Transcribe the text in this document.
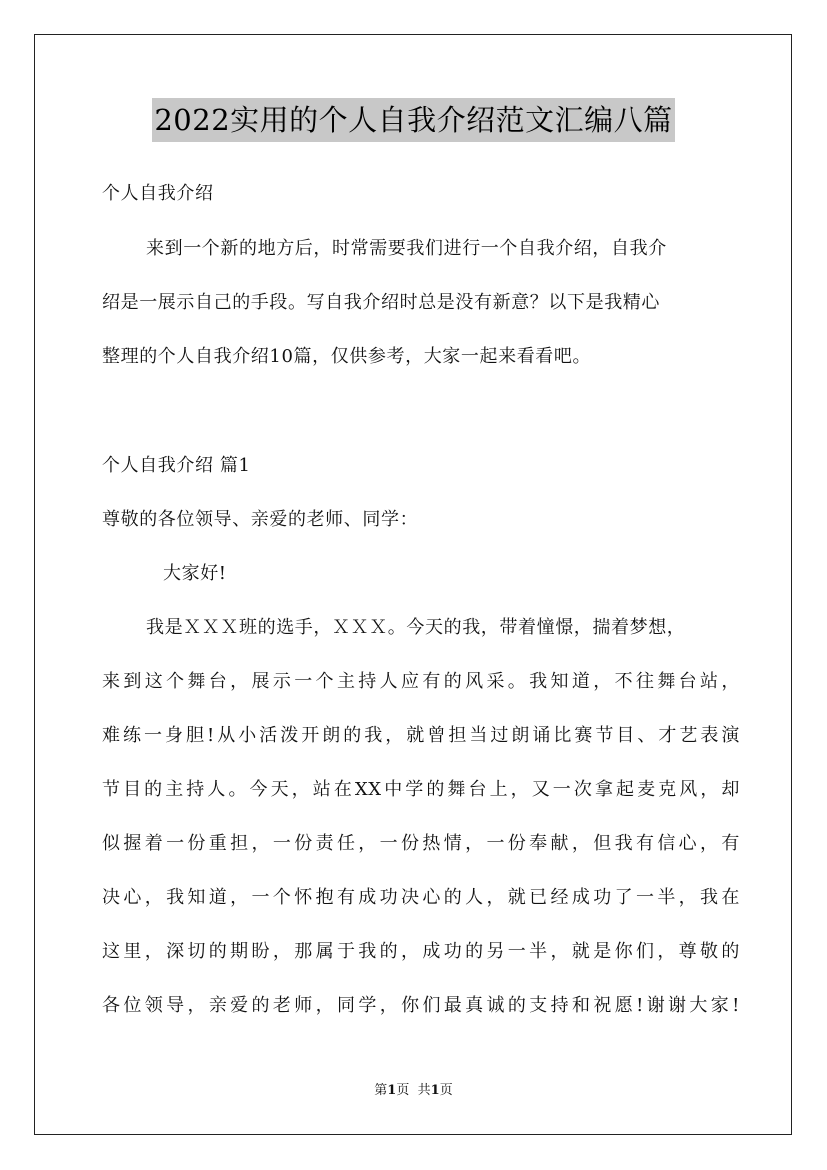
2022实用的个人自我介绍范文汇编八篇
个人自我介绍
来到一个新的地方后，时常需要我们进行一个自我介绍，自我介
绍是一展示自己的手段。写自我介绍时总是没有新意？以下是我精心
整理的个人自我介绍10篇，仅供参考，大家一起来看看吧。
个人自我介绍 篇1
尊敬的各位领导、亲爱的老师、同学：
大家好!
我是ＸＸＸ班的选手，ＸＸＸ。今天的我，带着憧憬，揣着梦想，
来到这个舞台，展示一个主持人应有的风采。我知道，不往舞台站，
难练一身胆!从小活泼开朗的我，就曾担当过朗诵比赛节目、才艺表演
节目的主持人。今天，站在XX中学的舞台上，又一次拿起麦克风，却
似握着一份重担，一份责任，一份热情，一份奉献，但我有信心，有
决心，我知道，一个怀抱有成功决心的人，就已经成功了一半，我在
这里，深切的期盼，那属于我的，成功的另一半，就是你们，尊敬的
各位领导，亲爱的老师，同学，你们最真诚的支持和祝愿!谢谢大家!
第1页 共1页
